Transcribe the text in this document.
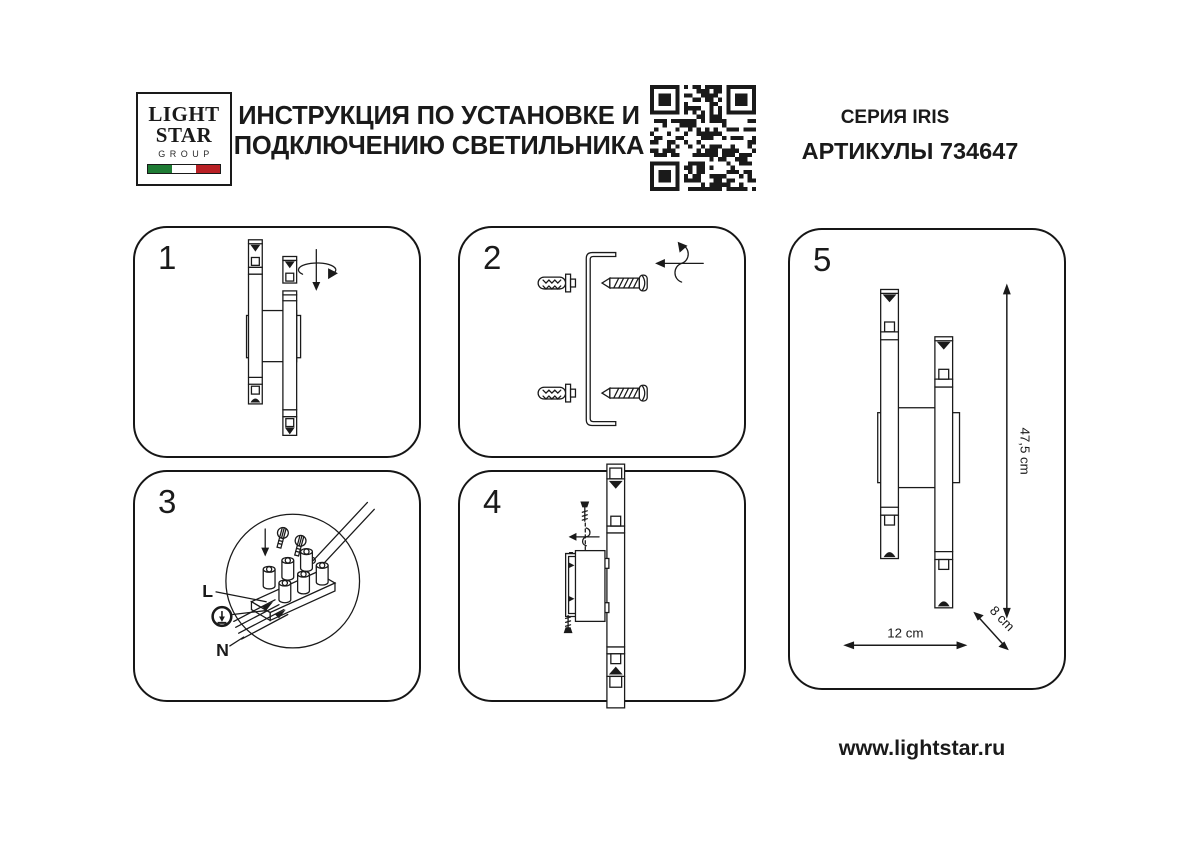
LIGHT
STAR
GROUP
ИНСТРУКЦИЯ ПО УСТАНОВКЕ И
ПОДКЛЮЧЕНИЮ СВЕТИЛЬНИКА
СЕРИЯ IRIS
АРТИКУЛЫ 734647
1	2
3
L
N
4
5
47,5 cm
12 cm	8 cm
www.lightstar.ru
